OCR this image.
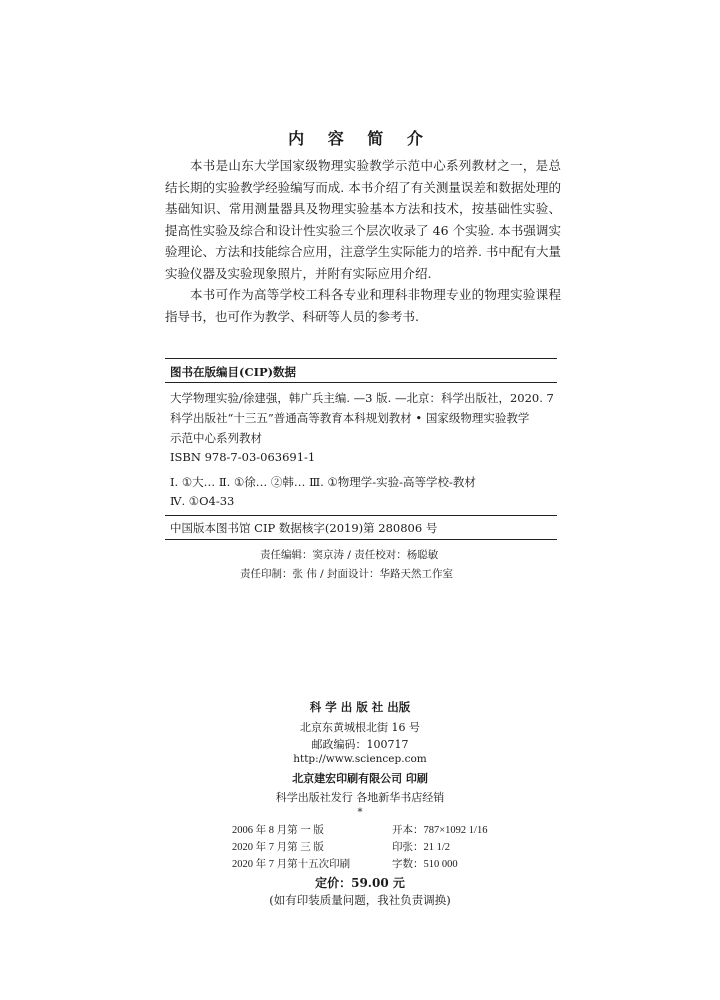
内 容 简 介

本书是山东大学国家级物理实验教学示范中心系列教材之一，是总结长期的实验教学经验编写而成. 本书介绍了有关测量误差和数据处理的基础知识、常用测量器具及物理实验基本方法和技术，按基础性实验、提高性实验及综合和设计性实验三个层次收录了 46 个实验. 本书强调实验理论、方法和技能综合应用，注意学生实际能力的培养. 书中配有大量实验仪器及实验现象照片，并附有实际应用介绍.

本书可作为高等学校工科各专业和理科非物理专业的物理实验课程指导书，也可作为教学、科研等人员的参考书.

图书在版编目(CIP)数据
大学物理实验/徐建强，韩广兵主编. —3 版. —北京：科学出版社，2020. 7
科学出版社“十三五”普通高等教育本科规划教材 • 国家级物理实验教学
示范中心系列教材
ISBN 978-7-03-063691-1
Ⅰ. ①大… Ⅱ. ①徐… ②韩… Ⅲ. ①物理学-实验-高等学校-教材
Ⅳ. ①O4-33
中国版本图书馆 CIP 数据核字(2019)第 280806 号
责任编辑：窦京涛 / 责任校对：杨聪敏
责任印制：张 伟 / 封面设计：华路天然工作室
科 学 出 版 社 出版
北京东黄城根北街 16 号
邮政编码：100717
http://www.sciencep.com
北京建宏印刷有限公司 印刷
科学出版社发行 各地新华书店经销
*
2006 年 8 月第 一 版	开本：787×1092 1/16
2020 年 7 月第 三 版	印张：21 1/2
2020 年 7 月第十五次印刷	字数：510 000
定价：59.00 元
(如有印装质量问题，我社负责调换)
